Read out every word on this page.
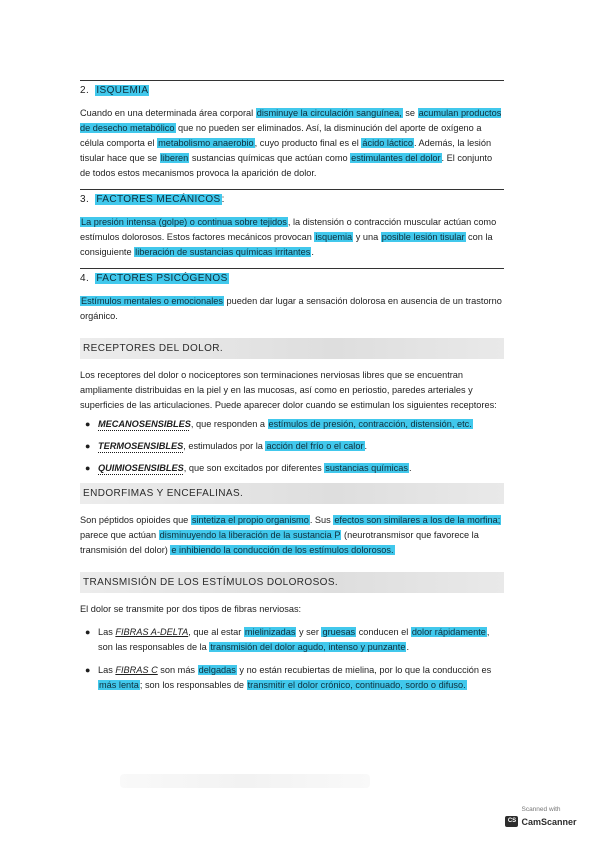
2. ISQUEMIA

Cuando en una determinada área corporal disminuye la circulación sanguínea, se acumulan productos de desecho metabólico que no pueden ser eliminados. Así, la disminución del aporte de oxígeno a célula comporta el metabolismo anaerobio, cuyo producto final es el ácido láctico. Además, la lesión tisular hace que se liberen sustancias químicas que actúan como estimulantes del dolor. El conjunto de todos estos mecanismos provoca la aparición de dolor.

3. FACTORES MECÁNICOS:

La presión intensa (golpe) o continua sobre tejidos, la distensión o contracción muscular actúan como estímulos dolorosos. Estos factores mecánicos provocan isquemia y una posible lesión tisular con la consiguiente liberación de sustancias químicas irritantes.

4. FACTORES PSICÓGENOS

Estímulos mentales o emocionales pueden dar lugar a sensación dolorosa en ausencia de un trastorno orgánico.

RECEPTORES DEL DOLOR.

Los receptores del dolor o nociceptores son terminaciones nerviosas libres que se encuentran ampliamente distribuidas en la piel y en las mucosas, así como en periostio, paredes arteriales y superficies de las articulaciones. Puede aparecer dolor cuando se estimulan los siguientes receptores:

● MECANOSENSIBLES, que responden a estímulos de presión, contracción, distensión, etc.
● TERMOSENSIBLES, estimulados por la acción del frío o el calor.
● QUIMIOSENSIBLES, que son excitados por diferentes sustancias químicas.
ENDORFIMAS Y ENCEFALINAS.

Son péptidos opioides que sintetiza el propio organismo. Sus efectos son similares a los de la morfina; parece que actúan disminuyendo la liberación de la sustancia P (neurotransmisor que favorece la transmisión del dolor) e inhibiendo la conducción de los estímulos dolorosos.

TRANSMISIÓN DE LOS ESTÍMULOS DOLOROSOS.

El dolor se transmite por dos tipos de fibras nerviosas:

● Las FIBRAS A-DELTA, que al estar mielinizadas y ser gruesas conducen el dolor rápidamente, son las responsables de la transmisión del dolor agudo, intenso y punzante.
● Las FIBRAS C son más delgadas y no están recubiertas de mielina, por lo que la conducción es más lenta; son los responsables de transmitir el dolor crónico, continuado, sordo o difuso.
Scanned with
CS CamScanner
